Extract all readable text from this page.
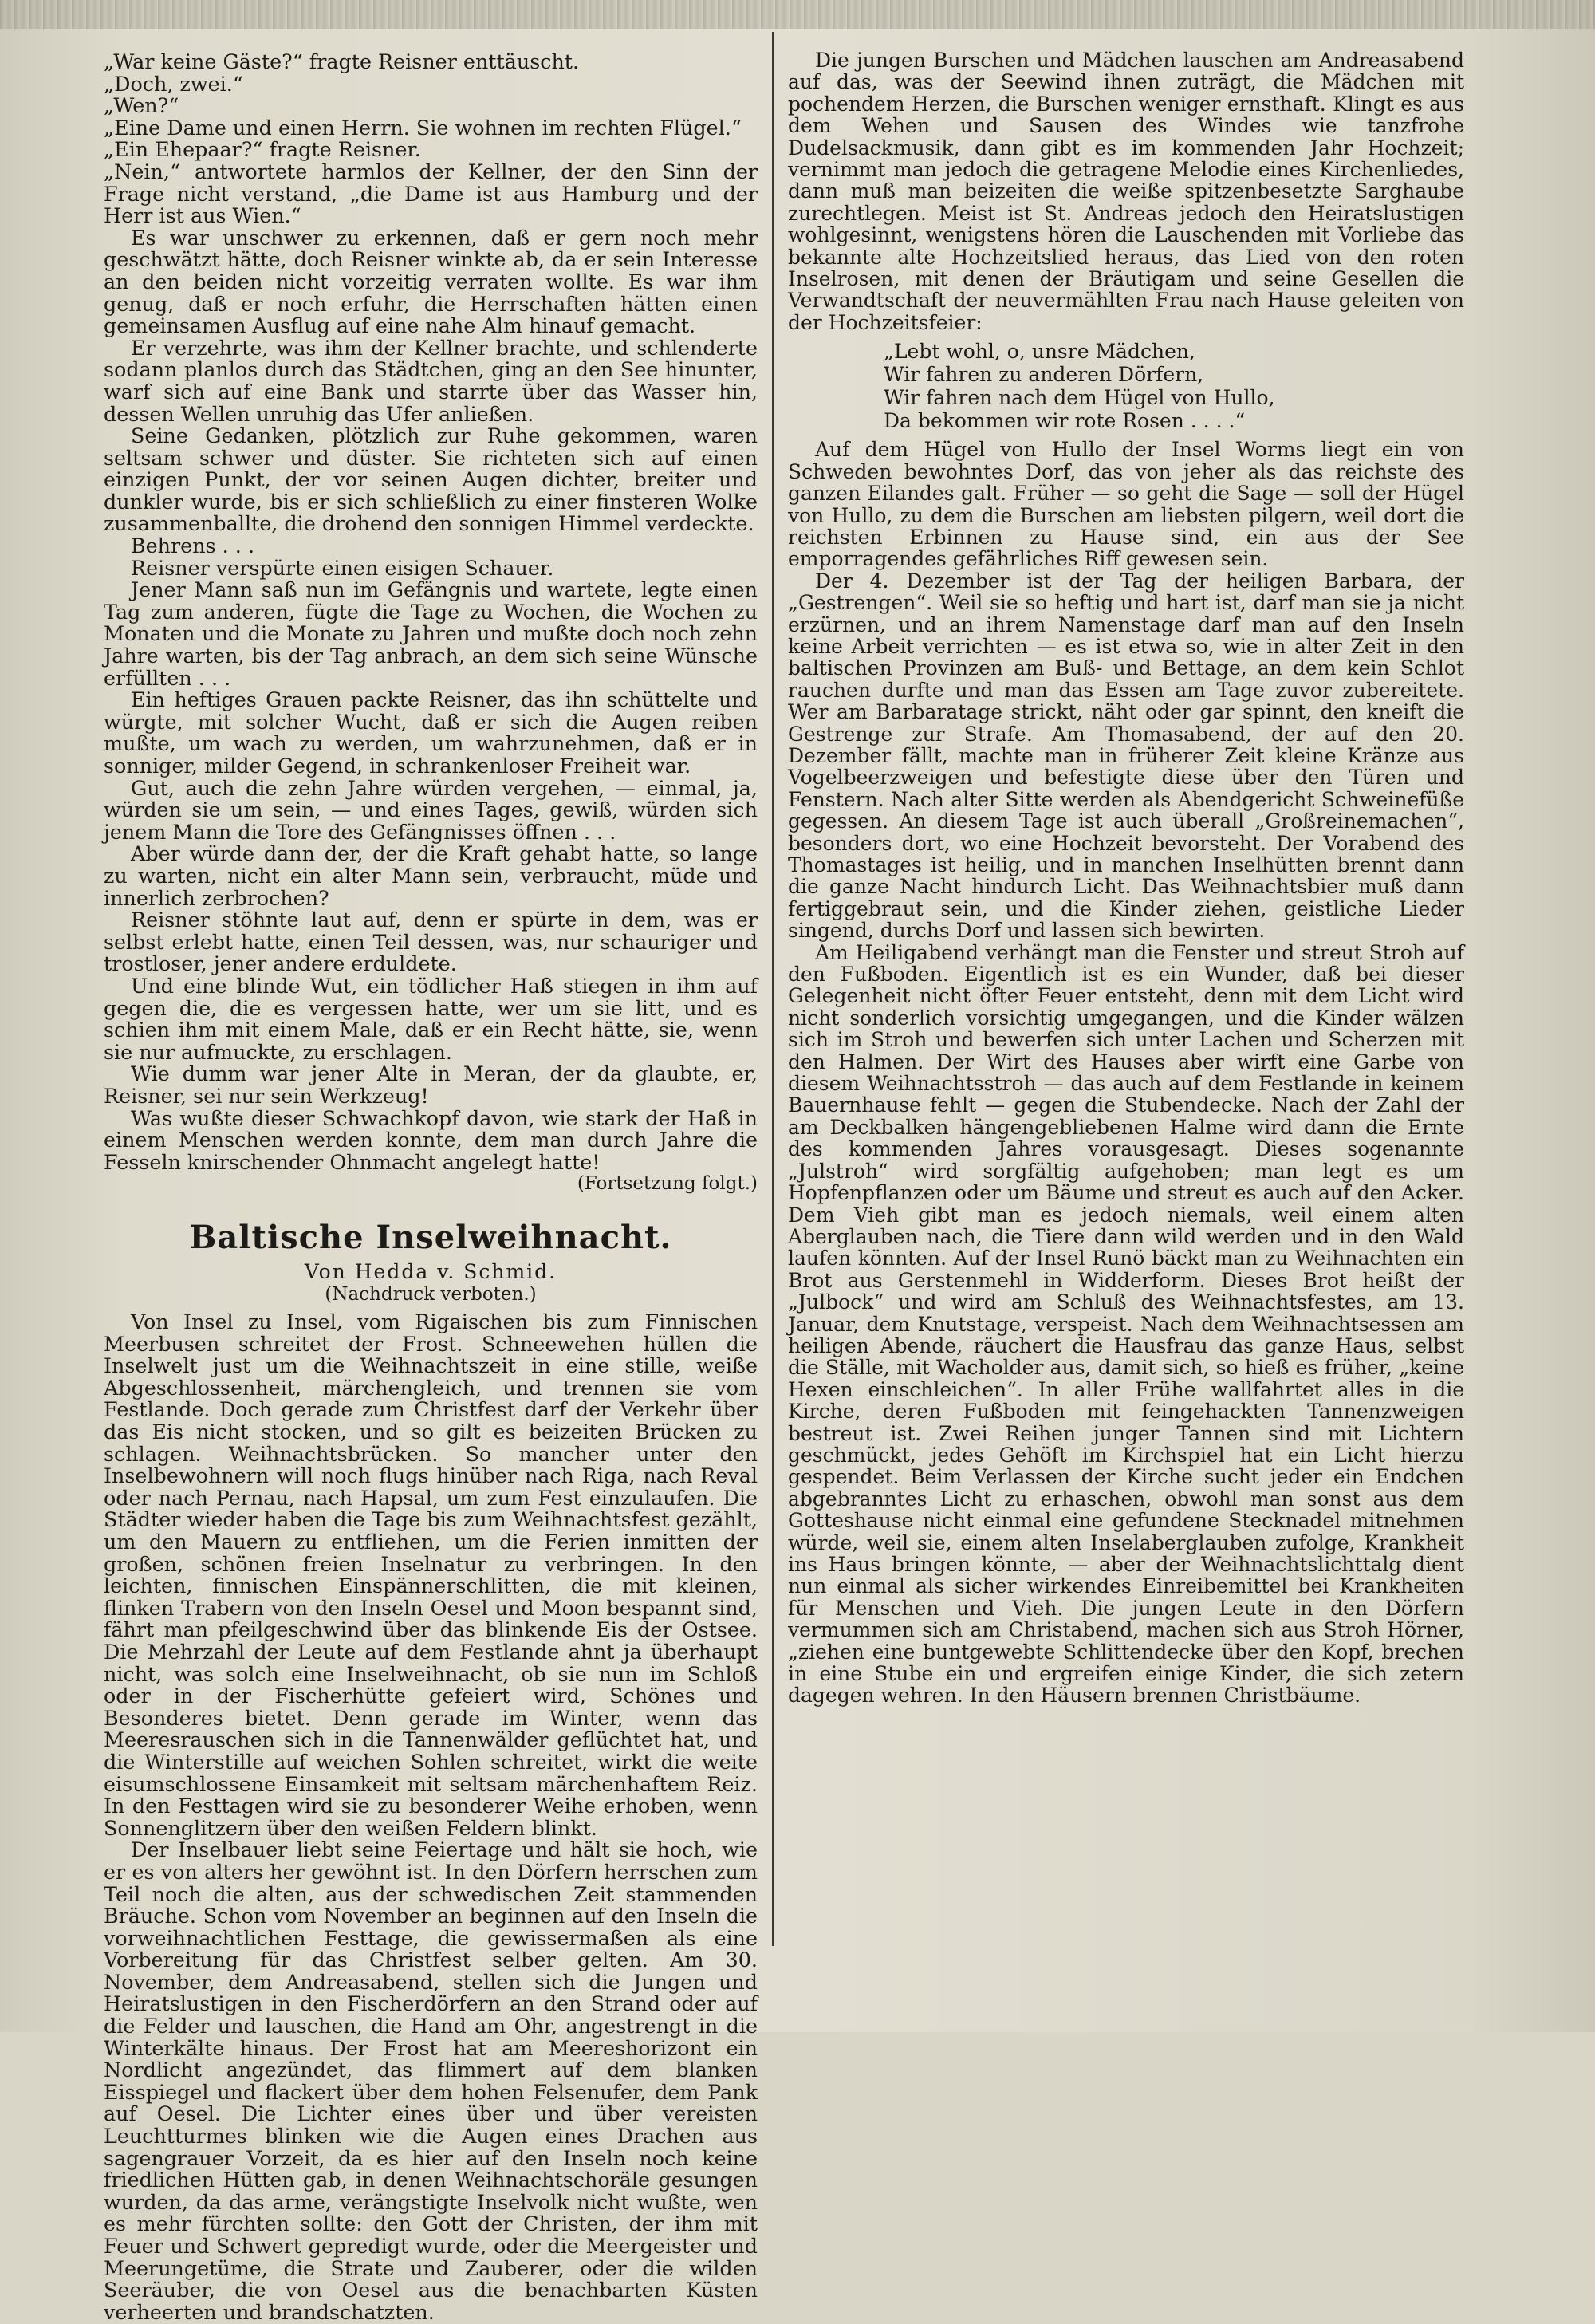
„War keine Gäste?“ fragte Reisner enttäuscht.

„Doch, zwei.“

„Wen?“

„Eine Dame und einen Herrn. Sie wohnen im rechten Flügel.“

„Ein Ehepaar?“ fragte Reisner.

„Nein,“ antwortete harmlos der Kellner, der den Sinn der Frage nicht verstand, „die Dame ist aus Hamburg und der Herr ist aus Wien.“

Es war unschwer zu erkennen, daß er gern noch mehr geschwätzt hätte, doch Reisner winkte ab, da er sein Interesse an den beiden nicht vorzeitig verraten wollte. Es war ihm genug, daß er noch erfuhr, die Herrschaften hätten einen gemeinsamen Ausflug auf eine nahe Alm hinauf gemacht.

Er verzehrte, was ihm der Kellner brachte, und schlenderte sodann planlos durch das Städtchen, ging an den See hinunter, warf sich auf eine Bank und starrte über das Wasser hin, dessen Wellen unruhig das Ufer anließen.

Seine Gedanken, plötzlich zur Ruhe gekommen, waren seltsam schwer und düster. Sie richteten sich auf einen einzigen Punkt, der vor seinen Augen dichter, breiter und dunkler wurde, bis er sich schließlich zu einer finsteren Wolke zusammenballte, die drohend den sonnigen Himmel verdeckte.

Behrens . . .

Reisner verspürte einen eisigen Schauer.

Jener Mann saß nun im Gefängnis und wartete, legte einen Tag zum anderen, fügte die Tage zu Wochen, die Wochen zu Monaten und die Monate zu Jahren und mußte doch noch zehn Jahre warten, bis der Tag anbrach, an dem sich seine Wünsche erfüllten . . .

Ein heftiges Grauen packte Reisner, das ihn schüttelte und würgte, mit solcher Wucht, daß er sich die Augen reiben mußte, um wach zu werden, um wahrzunehmen, daß er in sonniger, milder Gegend, in schrankenloser Freiheit war.

Gut, auch die zehn Jahre würden vergehen, — einmal, ja, würden sie um sein, — und eines Tages, gewiß, würden sich jenem Mann die Tore des Gefängnisses öffnen . . .

Aber würde dann der, der die Kraft gehabt hatte, so lange zu warten, nicht ein alter Mann sein, verbraucht, müde und innerlich zerbrochen?

Reisner stöhnte laut auf, denn er spürte in dem, was er selbst erlebt hatte, einen Teil dessen, was, nur schauriger und trostloser, jener andere erduldete.

Und eine blinde Wut, ein tödlicher Haß stiegen in ihm auf gegen die, die es vergessen hatte, wer um sie litt, und es schien ihm mit einem Male, daß er ein Recht hätte, sie, wenn sie nur aufmuckte, zu erschlagen.

Wie dumm war jener Alte in Meran, der da glaubte, er, Reisner, sei nur sein Werkzeug!

Was wußte dieser Schwachkopf davon, wie stark der Haß in einem Menschen werden konnte, dem man durch Jahre die Fesseln knirschender Ohnmacht angelegt hatte!

(Fortsetzung folgt.)

Baltische Inselweihnacht.
Von Hedda v. Schmid.
(Nachdruck verboten.)

Von Insel zu Insel, vom Rigaischen bis zum Finnischen Meerbusen schreitet der Frost. Schneewehen hüllen die Inselwelt just um die Weihnachtszeit in eine stille, weiße Abgeschlossenheit, märchengleich, und trennen sie vom Festlande. Doch gerade zum Christfest darf der Verkehr über das Eis nicht stocken, und so gilt es beizeiten Brücken zu schlagen. Weihnachtsbrücken. So mancher unter den Inselbewohnern will noch flugs hinüber nach Riga, nach Reval oder nach Pernau, nach Hapsal, um zum Fest einzulaufen. Die Städter wieder haben die Tage bis zum Weihnachtsfest gezählt, um den Mauern zu entfliehen, um die Ferien inmitten der großen, schönen freien Inselnatur zu verbringen. In den leichten, finnischen Einspännerschlitten, die mit kleinen, flinken Trabern von den Inseln Oesel und Moon bespannt sind, fährt man pfeilgeschwind über das blinkende Eis der Ostsee. Die Mehrzahl der Leute auf dem Festlande ahnt ja überhaupt nicht, was solch eine Inselweihnacht, ob sie nun im Schloß oder in der Fischerhütte gefeiert wird, Schönes und Besonderes bietet. Denn gerade im Winter, wenn das Meeresrauschen sich in die Tannenwälder geflüchtet hat, und die Winterstille auf weichen Sohlen schreitet, wirkt die weite eisumschlossene Einsamkeit mit seltsam märchenhaftem Reiz. In den Festtagen wird sie zu besonderer Weihe erhoben, wenn Sonnenglitzern über den weißen Feldern blinkt.

Der Inselbauer liebt seine Feiertage und hält sie hoch, wie er es von alters her gewöhnt ist. In den Dörfern herrschen zum Teil noch die alten, aus der schwedischen Zeit stammenden Bräuche. Schon vom November an beginnen auf den Inseln die vorweihnachtlichen Festtage, die gewissermaßen als eine Vorbereitung für das Christfest selber gelten. Am 30. November, dem Andreasabend, stellen sich die Jungen und Heiratslustigen in den Fischerdörfern an den Strand oder auf die Felder und lauschen, die Hand am Ohr, angestrengt in die Winterkälte hinaus. Der Frost hat am Meereshorizont ein Nordlicht angezündet, das flimmert auf dem blanken Eisspiegel und flackert über dem hohen Felsenufer, dem Pank auf Oesel. Die Lichter eines über und über vereisten Leuchtturmes blinken wie die Augen eines Drachen aus sagengrauer Vorzeit, da es hier auf den Inseln noch keine friedlichen Hütten gab, in denen Weihnachtschoräle gesungen wurden, da das arme, verängstigte Inselvolk nicht wußte, wen es mehr fürchten sollte: den Gott der Christen, der ihm mit Feuer und Schwert gepredigt wurde, oder die Meergeister und Meerungetüme, die Strate und Zauberer, oder die wilden Seeräuber, die von Oesel aus die benachbarten Küsten verheerten und brandschatzten.

Die jungen Burschen und Mädchen lauschen am Andreasabend auf das, was der Seewind ihnen zuträgt, die Mädchen mit pochendem Herzen, die Burschen weniger ernsthaft. Klingt es aus dem Wehen und Sausen des Windes wie tanzfrohe Dudelsackmusik, dann gibt es im kommenden Jahr Hochzeit; vernimmt man jedoch die getragene Melodie eines Kirchenliedes, dann muß man beizeiten die weiße spitzenbesetzte Sarghaube zurechtlegen. Meist ist St. Andreas jedoch den Heiratslustigen wohlgesinnt, wenigstens hören die Lauschenden mit Vorliebe das bekannte alte Hochzeitslied heraus, das Lied von den roten Inselrosen, mit denen der Bräutigam und seine Gesellen die Verwandtschaft der neuvermählten Frau nach Hause geleiten von der Hochzeitsfeier:

„Lebt wohl, o, unsre Mädchen,
Wir fahren zu anderen Dörfern,
Wir fahren nach dem Hügel von Hullo,
Da bekommen wir rote Rosen . . . .“

Auf dem Hügel von Hullo der Insel Worms liegt ein von Schweden bewohntes Dorf, das von jeher als das reichste des ganzen Eilandes galt. Früher — so geht die Sage — soll der Hügel von Hullo, zu dem die Burschen am liebsten pilgern, weil dort die reichsten Erbinnen zu Hause sind, ein aus der See emporragendes gefährliches Riff gewesen sein.

Der 4. Dezember ist der Tag der heiligen Barbara, der „Gestrengen“. Weil sie so heftig und hart ist, darf man sie ja nicht erzürnen, und an ihrem Namenstage darf man auf den Inseln keine Arbeit verrichten — es ist etwa so, wie in alter Zeit in den baltischen Provinzen am Buß- und Bettage, an dem kein Schlot rauchen durfte und man das Essen am Tage zuvor zubereitete. Wer am Barbaratage strickt, näht oder gar spinnt, den kneift die Gestrenge zur Strafe. Am Thomasabend, der auf den 20. Dezember fällt, machte man in früherer Zeit kleine Kränze aus Vogelbeerzweigen und befestigte diese über den Türen und Fenstern. Nach alter Sitte werden als Abendgericht Schweinefüße gegessen. An diesem Tage ist auch überall „Großreinemachen“, besonders dort, wo eine Hochzeit bevorsteht. Der Vorabend des Thomastages ist heilig, und in manchen Inselhütten brennt dann die ganze Nacht hindurch Licht. Das Weihnachtsbier muß dann fertiggebraut sein, und die Kinder ziehen, geistliche Lieder singend, durchs Dorf und lassen sich bewirten.

Am Heiligabend verhängt man die Fenster und streut Stroh auf den Fußboden. Eigentlich ist es ein Wunder, daß bei dieser Gelegenheit nicht öfter Feuer entsteht, denn mit dem Licht wird nicht sonderlich vorsichtig umgegangen, und die Kinder wälzen sich im Stroh und bewerfen sich unter Lachen und Scherzen mit den Halmen. Der Wirt des Hauses aber wirft eine Garbe von diesem Weihnachtsstroh — das auch auf dem Festlande in keinem Bauernhause fehlt — gegen die Stubendecke. Nach der Zahl der am Deckbalken hängengebliebenen Halme wird dann die Ernte des kommenden Jahres vorausgesagt. Dieses sogenannte „Julstroh“ wird sorgfältig aufgehoben; man legt es um Hopfenpflanzen oder um Bäume und streut es auch auf den Acker. Dem Vieh gibt man es jedoch niemals, weil einem alten Aberglauben nach, die Tiere dann wild werden und in den Wald laufen könnten. Auf der Insel Runö bäckt man zu Weihnachten ein Brot aus Gerstenmehl in Widderform. Dieses Brot heißt der „Julbock“ und wird am Schluß des Weihnachtsfestes, am 13. Januar, dem Knutstage, verspeist. Nach dem Weihnachtsessen am heiligen Abende, räuchert die Hausfrau das ganze Haus, selbst die Ställe, mit Wacholder aus, damit sich, so hieß es früher, „keine Hexen einschleichen“. In aller Frühe wallfahrtet alles in die Kirche, deren Fußboden mit feingehackten Tannenzweigen bestreut ist. Zwei Reihen junger Tannen sind mit Lichtern geschmückt, jedes Gehöft im Kirchspiel hat ein Licht hierzu gespendet. Beim Verlassen der Kirche sucht jeder ein Endchen abgebranntes Licht zu erhaschen, obwohl man sonst aus dem Gotteshause nicht einmal eine gefundene Stecknadel mitnehmen würde, weil sie, einem alten Inselaberglauben zufolge, Krankheit ins Haus bringen könnte, — aber der Weihnachtslichttalg dient nun einmal als sicher wirkendes Einreibemittel bei Krankheiten für Menschen und Vieh. Die jungen Leute in den Dörfern vermummen sich am Christabend, machen sich aus Stroh Hörner, „ziehen eine buntgewebte Schlittendecke über den Kopf, brechen in eine Stube ein und ergreifen einige Kinder, die sich zetern dagegen wehren. In den Häusern brennen Christbäume.
